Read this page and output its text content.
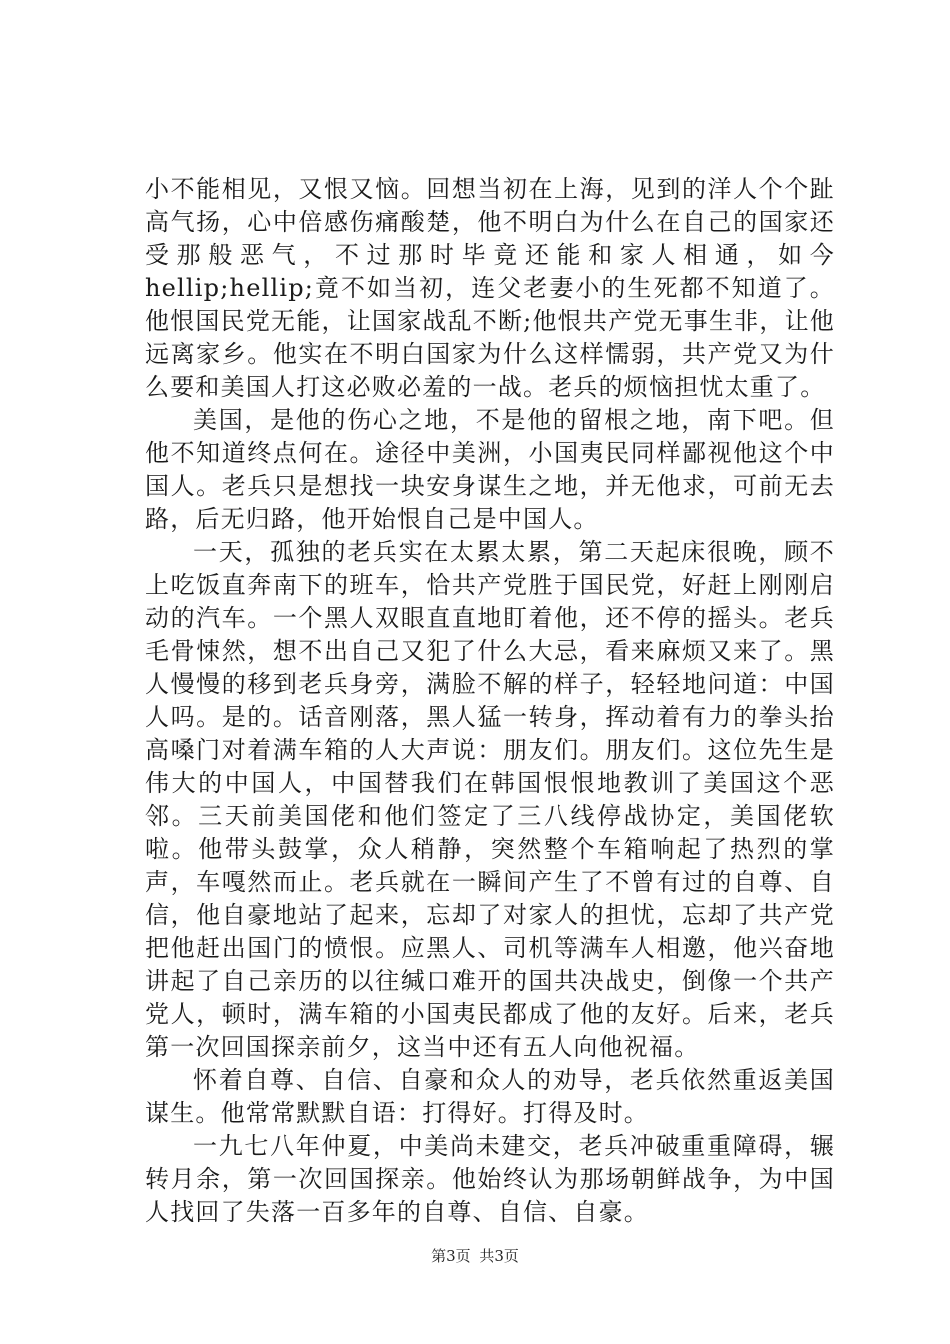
小不能相见，又恨又恼。回想当初在上海，见到的洋人个个趾高气扬，心中倍感伤痛酸楚，他不明白为什么在自己的国家还受那般恶气，不过那时毕竟还能和家人相通，如今hellip;hellip;竟不如当初，连父老妻小的生死都不知道了。他恨国民党无能，让国家战乱不断;他恨共产党无事生非，让他远离家乡。他实在不明白国家为什么这样懦弱，共产党又为什么要和美国人打这必败必羞的一战。老兵的烦恼担忧太重了。

美国，是他的伤心之地，不是他的留根之地，南下吧。但他不知道终点何在。途径中美洲，小国夷民同样鄙视他这个中国人。老兵只是想找一块安身谋生之地，并无他求，可前无去路，后无归路，他开始恨自己是中国人。

一天，孤独的老兵实在太累太累，第二天起床很晚，顾不上吃饭直奔南下的班车，恰共产党胜于国民党，好赶上刚刚启动的汽车。一个黑人双眼直直地盯着他，还不停的摇头。老兵毛骨悚然，想不出自己又犯了什么大忌，看来麻烦又来了。黑人慢慢的移到老兵身旁，满脸不解的样子，轻轻地问道：中国人吗。是的。话音刚落，黑人猛一转身，挥动着有力的拳头抬高嗓门对着满车箱的人大声说：朋友们。朋友们。这位先生是伟大的中国人，中国替我们在韩国恨恨地教训了美国这个恶邻。三天前美国佬和他们签定了三八线停战协定，美国佬软啦。他带头鼓掌，众人稍静，突然整个车箱响起了热烈的掌声，车嘎然而止。老兵就在一瞬间产生了不曾有过的自尊、自信，他自豪地站了起来，忘却了对家人的担忧，忘却了共产党把他赶出国门的愤恨。应黑人、司机等满车人相邀，他兴奋地讲起了自己亲历的以往缄口难开的国共决战史，倒像一个共产党人，顿时，满车箱的小国夷民都成了他的友好。后来，老兵第一次回国探亲前夕，这当中还有五人向他祝福。

怀着自尊、自信、自豪和众人的劝导，老兵依然重返美国谋生。他常常默默自语：打得好。打得及时。

一九七八年仲夏，中美尚未建交，老兵冲破重重障碍，辗转月余，第一次回国探亲。他始终认为那场朝鲜战争，为中国人找回了失落一百多年的自尊、自信、自豪。

第3页 共3页
